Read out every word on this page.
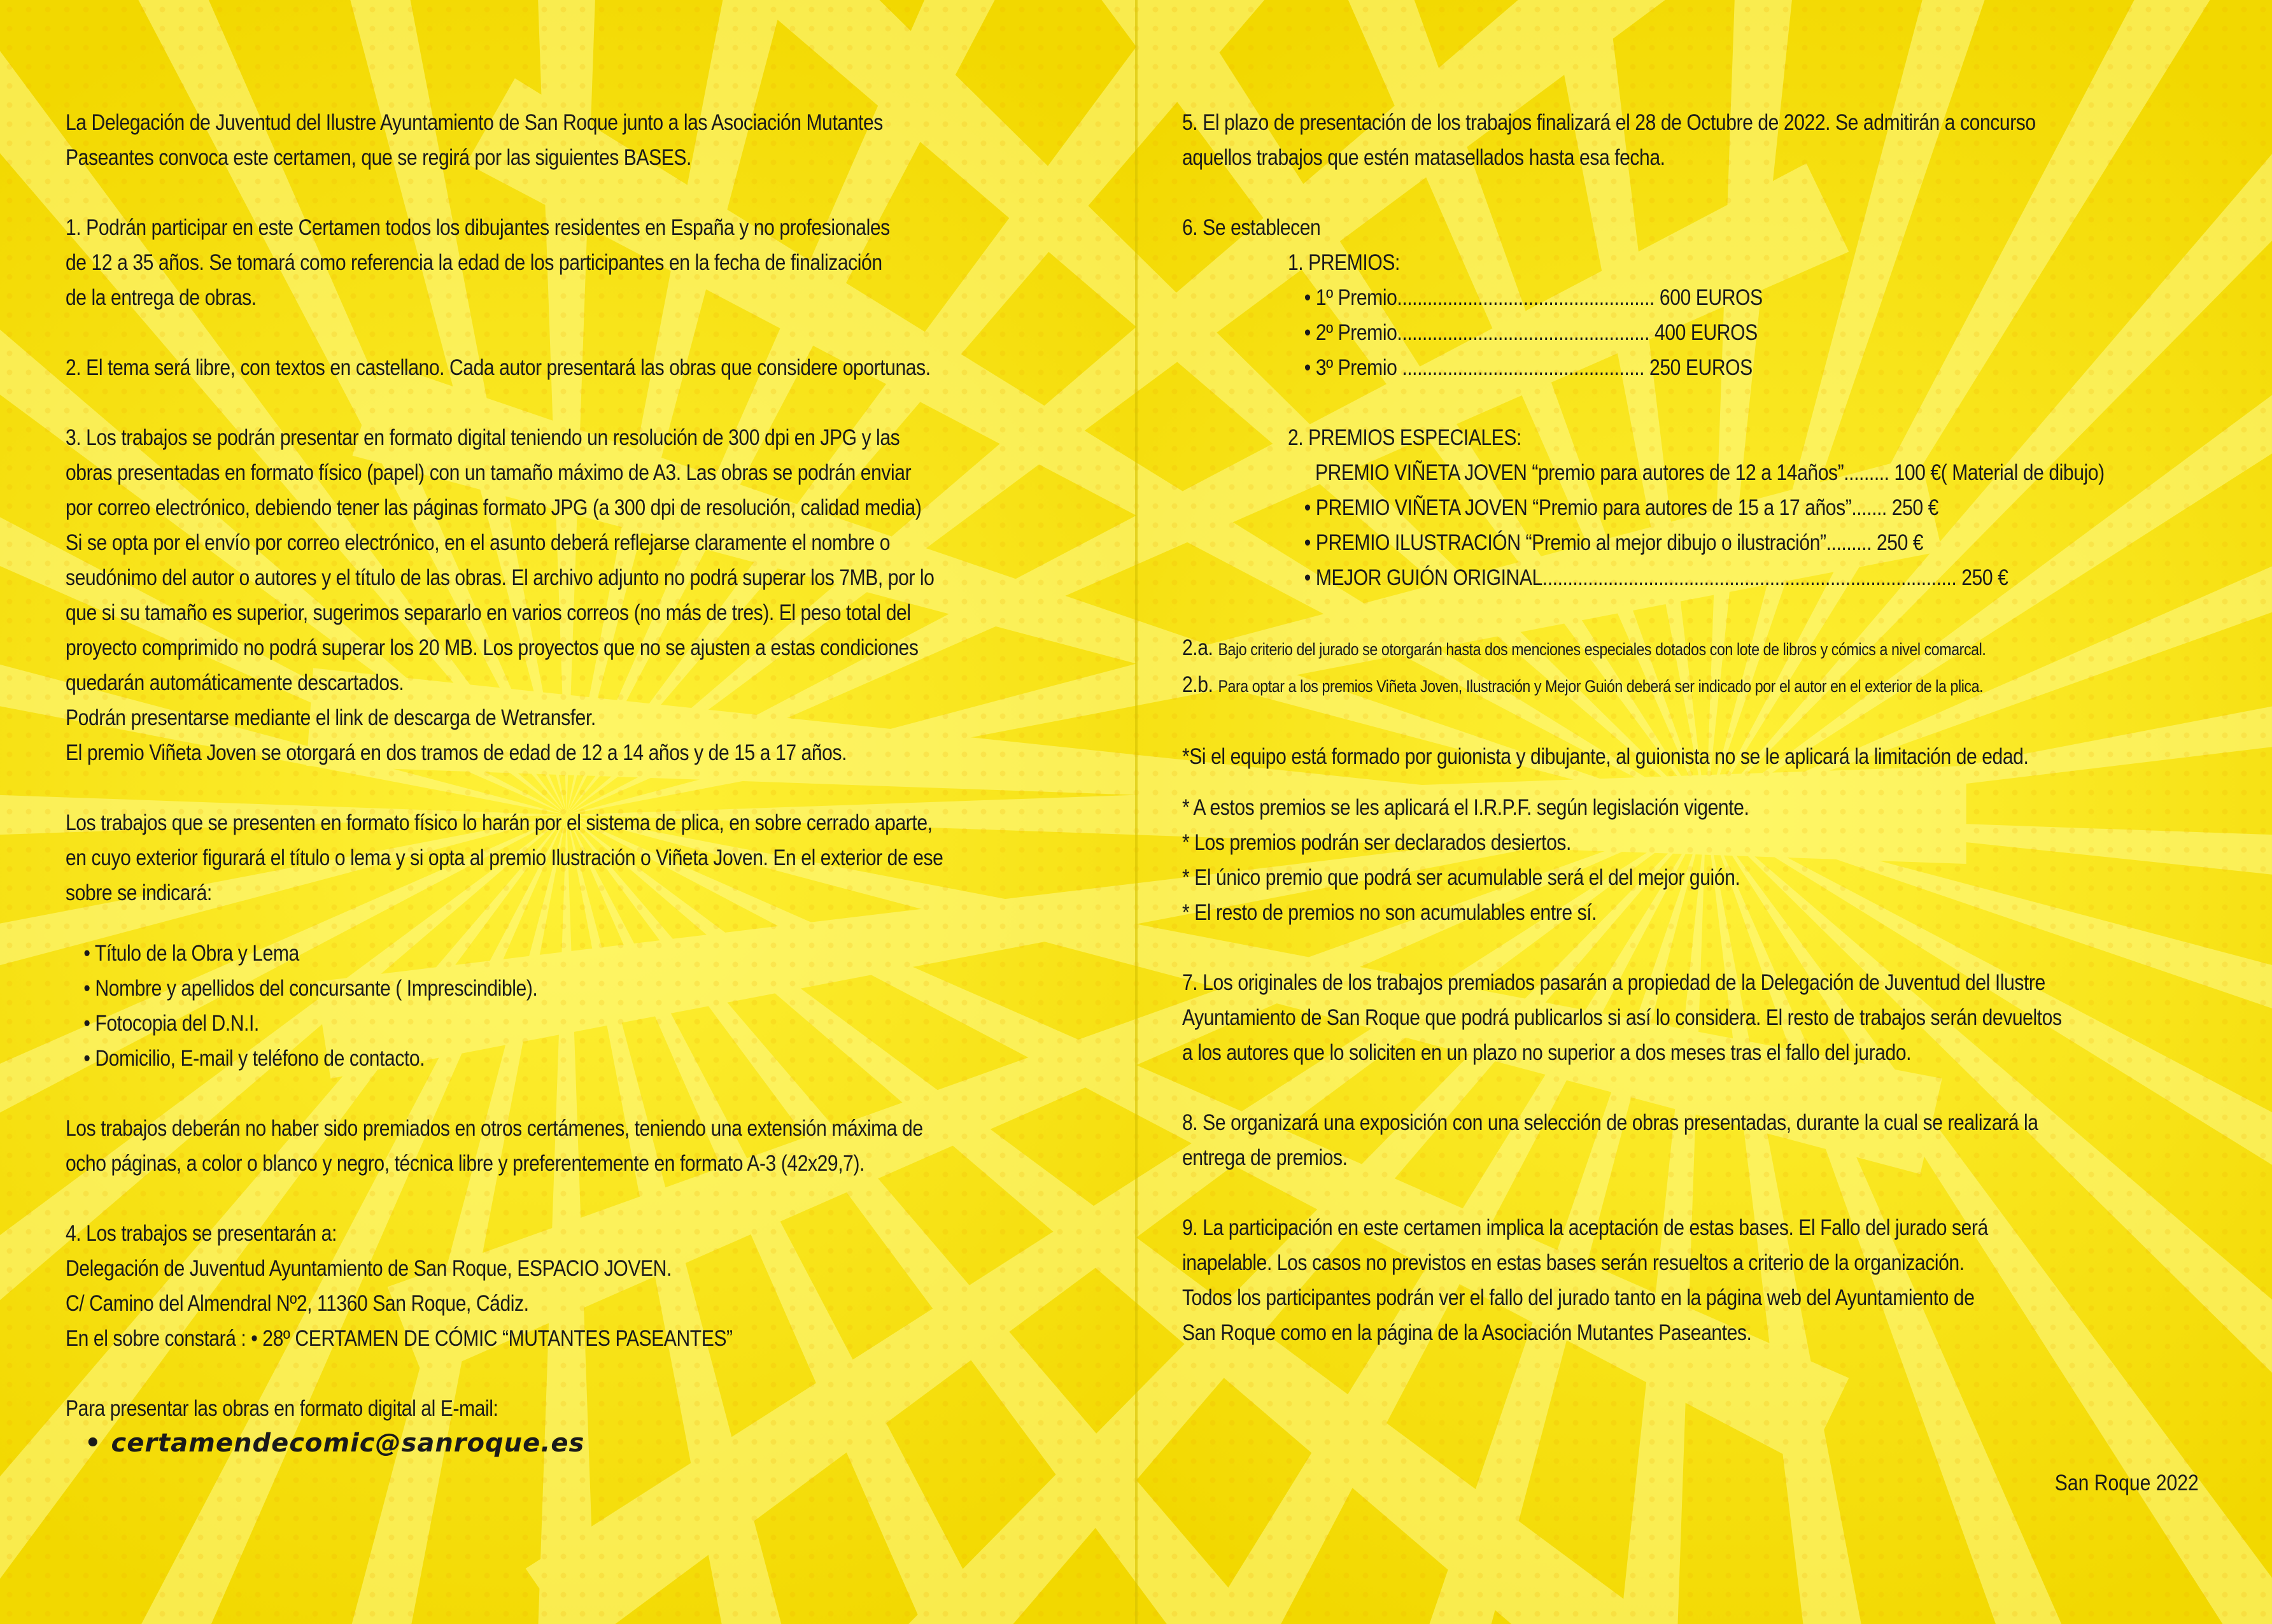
La Delegación de Juventud del Ilustre Ayuntamiento de San Roque junto a las Asociación Mutantes
Paseantes convoca este certamen, que se regirá por las siguientes BASES.
1. Podrán participar en este Certamen todos los dibujantes residentes en España y no profesionales
de 12 a 35 años. Se tomará como referencia la edad de los participantes en la fecha de finalización
de la entrega de obras.
2. El tema será libre, con textos en castellano. Cada autor presentará las obras que considere oportunas.
3. Los trabajos se podrán presentar en formato digital teniendo un resolución de 300 dpi en JPG y las
obras presentadas en formato físico (papel) con un tamaño máximo de A3. Las obras se podrán enviar
por correo electrónico, debiendo tener las páginas formato JPG (a 300 dpi de resolución, calidad media)
Si se opta por el envío por correo electrónico, en el asunto deberá reflejarse claramente el nombre o
seudónimo del autor o autores y el título de las obras. El archivo adjunto no podrá superar los 7MB, por lo
que si su tamaño es superior, sugerimos separarlo en varios correos (no más de tres). El peso total del
proyecto comprimido no podrá superar los 20 MB. Los proyectos que no se ajusten a estas condiciones
quedarán automáticamente descartados.
Podrán presentarse mediante el link de descarga de Wetransfer.
El premio Viñeta Joven se otorgará en dos tramos de edad de 12 a 14 años y de 15 a 17 años.
Los trabajos que se presenten en formato físico lo harán por el sistema de plica, en sobre cerrado aparte,
en cuyo exterior figurará el título o lema y si opta al premio Ilustración o Viñeta Joven. En el exterior de ese
sobre se indicará:
• Título de la Obra y Lema
• Nombre y apellidos del concursante ( Imprescindible).
• Fotocopia del D.N.I.
• Domicilio, E-mail y teléfono de contacto.
Los trabajos deberán no haber sido premiados en otros certámenes, teniendo una extensión máxima de
ocho páginas, a color o blanco y negro, técnica libre y preferentemente en formato A-3 (42x29,7).
4. Los trabajos se presentarán a:
Delegación de Juventud Ayuntamiento de San Roque, ESPACIO JOVEN.
C/ Camino del Almendral Nº2, 11360 San Roque, Cádiz.
En el sobre constará : • 28º CERTAMEN DE CÓMIC “MUTANTES PASEANTES”
Para presentar las obras en formato digital al E-mail:
• certamendecomic@sanroque.es
5. El plazo de presentación de los trabajos finalizará el 28 de Octubre de 2022. Se admitirán a concurso
aquellos trabajos que estén matasellados hasta esa fecha.
6. Se establecen
1. PREMIOS:
• 1º Premio................................................... 600 EUROS
• 2º Premio.................................................. 400 EUROS
• 3º Premio ................................................ 250 EUROS
2. PREMIOS ESPECIALES:
PREMIO VIÑETA JOVEN “premio para autores de 12 a 14años”......... 100 €( Material de dibujo)
• PREMIO VIÑETA JOVEN “Premio para autores de 15 a 17 años”....... 250 €
• PREMIO ILUSTRACIÓN “Premio al mejor dibujo o ilustración”......... 250 €
• MEJOR GUIÓN ORIGINAL.................................................................................. 250 €
2.a. Bajo criterio del jurado se otorgarán hasta dos menciones especiales dotados con lote de libros y cómics a nivel comarcal.
2.b. Para optar a los premios Viñeta Joven, Ilustración y Mejor Guión deberá ser indicado por el autor en el exterior de la plica.
*Si el equipo está formado por guionista y dibujante, al guionista no se le aplicará la limitación de edad.
* A estos premios se les aplicará el I.R.P.F. según legislación vigente.
* Los premios podrán ser declarados desiertos.
* El único premio que podrá ser acumulable será el del mejor guión.
* El resto de premios no son acumulables entre sí.
7. Los originales de los trabajos premiados pasarán a propiedad de la Delegación de Juventud del Ilustre
Ayuntamiento de San Roque que podrá publicarlos si así lo considera. El resto de trabajos serán devueltos
a los autores que lo soliciten en un plazo no superior a dos meses tras el fallo del jurado.
8. Se organizará una exposición con una selección de obras presentadas, durante la cual se realizará la
entrega de premios.
9. La participación en este certamen implica la aceptación de estas bases. El Fallo del jurado será
inapelable. Los casos no previstos en estas bases serán resueltos a criterio de la organización.
Todos los participantes podrán ver el fallo del jurado tanto en la página web del Ayuntamiento de
San Roque como en la página de la Asociación Mutantes Paseantes.
San Roque 2022
